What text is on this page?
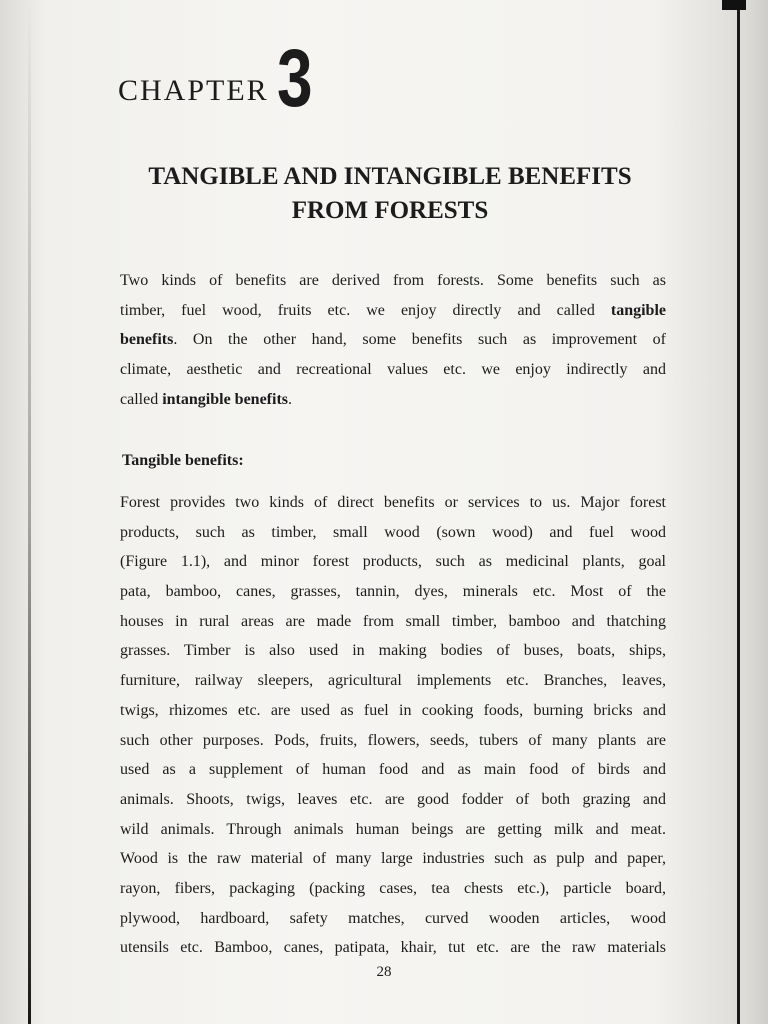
CHAPTER 3
TANGIBLE AND INTANGIBLE BENEFITS
FROM FORESTS
Two kinds of benefits are derived from forests. Some benefits such as
timber, fuel wood, fruits etc. we enjoy directly and called tangible
benefits. On the other hand, some benefits such as improvement of
climate, aesthetic and recreational values etc. we enjoy indirectly and
called intangible benefits.
Tangible benefits:
Forest provides two kinds of direct benefits or services to us. Major forest
products, such as timber, small wood (sown wood) and fuel wood
(Figure 1.1), and minor forest products, such as medicinal plants, goal
pata, bamboo, canes, grasses, tannin, dyes, minerals etc. Most of the
houses in rural areas are made from small timber, bamboo and thatching
grasses. Timber is also used in making bodies of buses, boats, ships,
furniture, railway sleepers, agricultural implements etc. Branches, leaves,
twigs, rhizomes etc. are used as fuel in cooking foods, burning bricks and
such other purposes. Pods, fruits, flowers, seeds, tubers of many plants are
used as a supplement of human food and as main food of birds and
animals. Shoots, twigs, leaves etc. are good fodder of both grazing and
wild animals. Through animals human beings are getting milk and meat.
Wood is the raw material of many large industries such as pulp and paper,
rayon, fibers, packaging (packing cases, tea chests etc.), particle board,
plywood, hardboard, safety matches, curved wooden articles, wood
utensils etc. Bamboo, canes, patipata, khair, tut etc. are the raw materials
28
